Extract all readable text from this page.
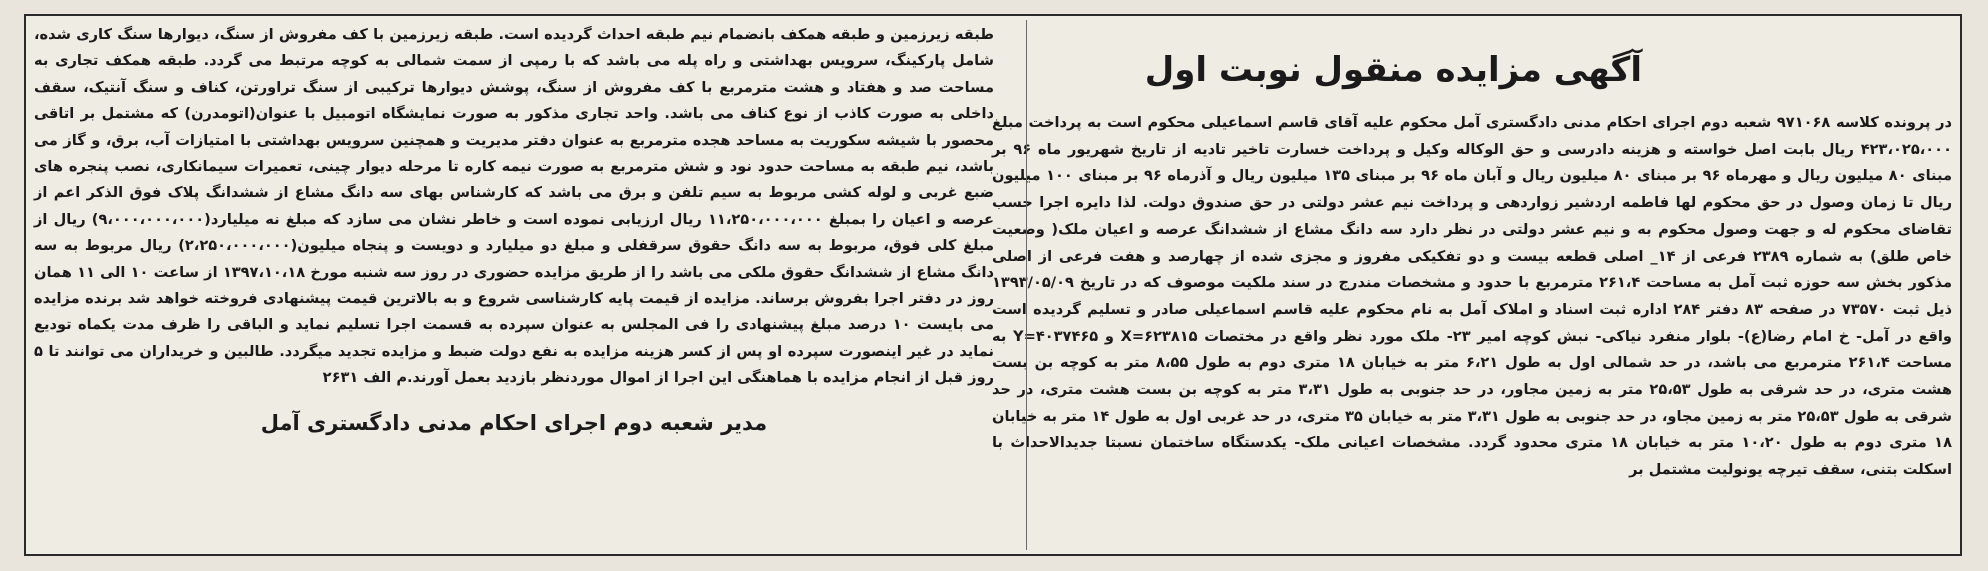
آگهی مزایده منقول نوبت اول

در پرونده کلاسه ۹۷۱۰۶۸ شعبه دوم اجرای احکام مدنی دادگستری آمل محکوم علیه آقای قاسم اسماعیلی محکوم است به پرداخت مبلغ ۴۲۳،۰۲۵،۰۰۰ ریال بابت اصل خواسته و هزینه دادرسی و حق الوکاله وکیل و پرداخت خسارت تاخیر تادیه از تاریخ شهریور ماه ۹۶ بر مبنای ۸۰ میلیون ریال و مهرماه ۹۶ بر مبنای ۸۰ میلیون ریال و آبان ماه ۹۶ بر مبنای ۱۳۵ میلیون ریال و آذرماه ۹۶ بر مبنای ۱۰۰ میلیون ریال تا زمان وصول در حق محکوم لها فاطمه اردشیر زواردهی و پرداخت نیم عشر دولتی در حق صندوق دولت. لذا دایره اجرا حسب تقاضای محکوم له و جهت وصول محکوم به و نیم عشر دولتی در نظر دارد سه دانگ مشاع از ششدانگ عرصه و اعیان ملک( وضعیت خاص طلق) به شماره ۲۳۸۹ فرعی از ۱۴_ اصلی قطعه بیست و دو تفکیکی مفروز و مجزی شده از چهارصد و هفت فرعی از اصلی مذکور بخش سه حوزه ثبت آمل به مساحت ۲۶۱،۴ مترمربع با حدود و مشخصات مندرج در سند ملکیت موصوف که در تاریخ ۱۳۹۳/۰۵/۰۹ ذیل ثبت ۷۳۵۷۰ در صفحه ۸۳ دفتر ۲۸۴ اداره ثبت اسناد و املاک آمل به نام محکوم علیه قاسم اسماعیلی صادر و تسلیم گردیده است واقع در آمل- خ امام رضا(ع)- بلوار منفرد نیاکی- نبش کوچه امیر ۲۳- ملک مورد نظر واقع در مختصات X=۶۲۳۸۱۵ و Y=۴۰۳۷۴۶۵ به مساحت ۲۶۱،۴ مترمربع می باشد، در حد شمالی اول به طول ۶،۲۱ متر به خیابان ۱۸ متری دوم به طول ۸،۵۵ متر به کوچه بن بست هشت متری، در حد شرقی به طول ۲۵،۵۳ متر به زمین مجاور، در حد جنوبی به طول ۳،۳۱ متر به کوچه بن بست هشت متری، در حد شرقی به طول ۲۵،۵۳ متر به زمین مجاو، در حد جنوبی به طول ۳،۳۱ متر به خیابان ۳۵ متری، در حد غربی اول به طول ۱۴ متر به خیابان ۱۸ متری دوم به طول ۱۰،۲۰ متر به خیابان ۱۸ متری محدود گردد. مشخصات اعیانی ملک- یکدستگاه ساختمان نسبتا جدیدالاحداث با اسکلت بتنی، سقف تیرچه یونولیت مشتمل بر

طبقه زیرزمین و طبقه همکف بانضمام نیم طبقه احداث گردیده است. طبقه زیرزمین با کف مفروش از سنگ، دیوارها سنگ کاری شده، شامل پارکینگ، سرویس بهداشتی و راه پله می باشد که با رمپی از سمت شمالی به کوچه مرتبط می گردد. طبقه همکف تجاری به مساحت صد و هفتاد و هشت مترمربع با کف مفروش از سنگ، پوشش دیوارها ترکیبی از سنگ تراورتن، کناف و سنگ آنتیک، سقف داخلی به صورت کاذب از نوع کناف می باشد. واحد تجاری مذکور به صورت نمایشگاه اتومبیل با عنوان(اتومدرن) که مشتمل بر اتاقی محصور با شیشه سکوریت به مساحد هجده مترمربع به عنوان دفتر مدیریت و همچنین سرویس بهداشتی با امتیازات آب، برق، و گاز می باشد، نیم طبقه به مساحت حدود نود و شش مترمربع به صورت نیمه کاره تا مرحله دیوار چینی، تعمیرات سیمانکاری، نصب پنجره های ضبع غربی و لوله کشی مربوط به سیم تلفن و برق می باشد که کارشناس بهای سه دانگ مشاع از ششدانگ پلاک فوق الذکر اعم از عرصه و اعیان را بمبلغ ۱۱،۲۵۰،۰۰۰،۰۰۰ ریال ارزیابی نموده است و خاطر نشان می سازد که مبلغ نه میلیارد(۹،۰۰۰،۰۰۰،۰۰۰) ریال از مبلغ کلی فوق، مربوط به سه دانگ حقوق سرقفلی و مبلغ دو میلیارد و دویست و پنجاه میلیون(۲،۲۵۰،۰۰۰،۰۰۰) ریال مربوط به سه دانگ مشاع از ششدانگ حقوق ملکی می باشد را از طریق مزایده حضوری در روز سه شنبه مورخ ۱۳۹۷،۱۰،۱۸ از ساعت ۱۰ الی ۱۱ همان روز در دفتر اجرا بفروش برساند. مزایده از قیمت پایه کارشناسی شروع و به بالاترین قیمت پیشنهادی فروخته خواهد شد برنده مزایده می بایست ۱۰ درصد مبلغ پیشنهادی را فی المجلس به عنوان سپرده به قسمت اجرا تسلیم نماید و الباقی را ظرف مدت یکماه تودیع نماید در غیر اینصورت سپرده او پس از کسر هزینه مزایده به نفع دولت ضبط و مزایده تجدید میگردد. طالبین و خریداران می توانند تا ۵ روز قبل از انجام مزایده با هماهنگی این اجرا از اموال موردنظر بازدید بعمل آورند.م الف ۲۶۳۱

مدیر شعبه دوم اجرای احکام مدنی دادگستری آمل
